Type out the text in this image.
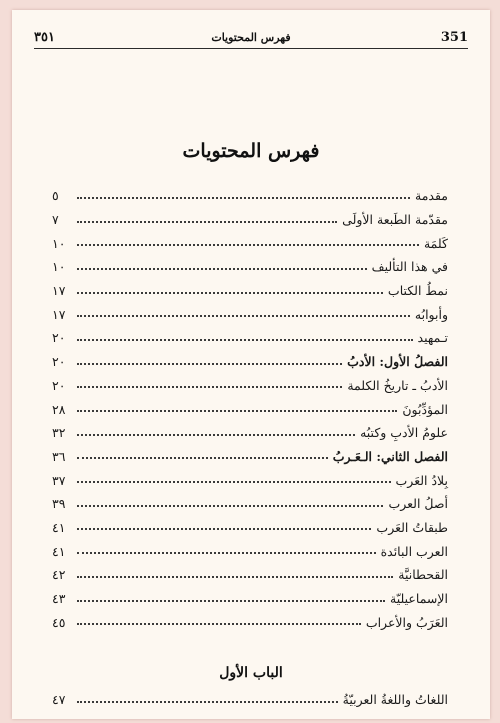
351
فهرس المحتويات
٣٥١
فهرس المحتويات
مقدمة
٥
مقدّمة الطَبعة الأولَى
٧
كَلمَة
١٠
في هذا التأليف
١٠
نمطُ الكتاب
١٧
وأبوابُه
١٧
تـمهيد
٢٠
الفصلُ الأول: الأدبُ
٢٠
الأدبُ ـ تاريخُ الكلمة
٢٠
المؤدِّبُونَ
٢٨
علومُ الأدبِ وكتبُه
٣٢
الفصل الثاني: الـعَـربُ
٣٦
بِلادُ العَرب
٣٧
أصلُ العرب
٣٩
طبقاتُ العَرب
٤١
العرب البائدة
٤١
القحطانيَّة
٤٢
الإسماعيليّة
٤٣
العَرَبُ والأعراب
٤٥
الباب الأول
اللغاتُ واللغةُ العربيّةُ
٤٧
